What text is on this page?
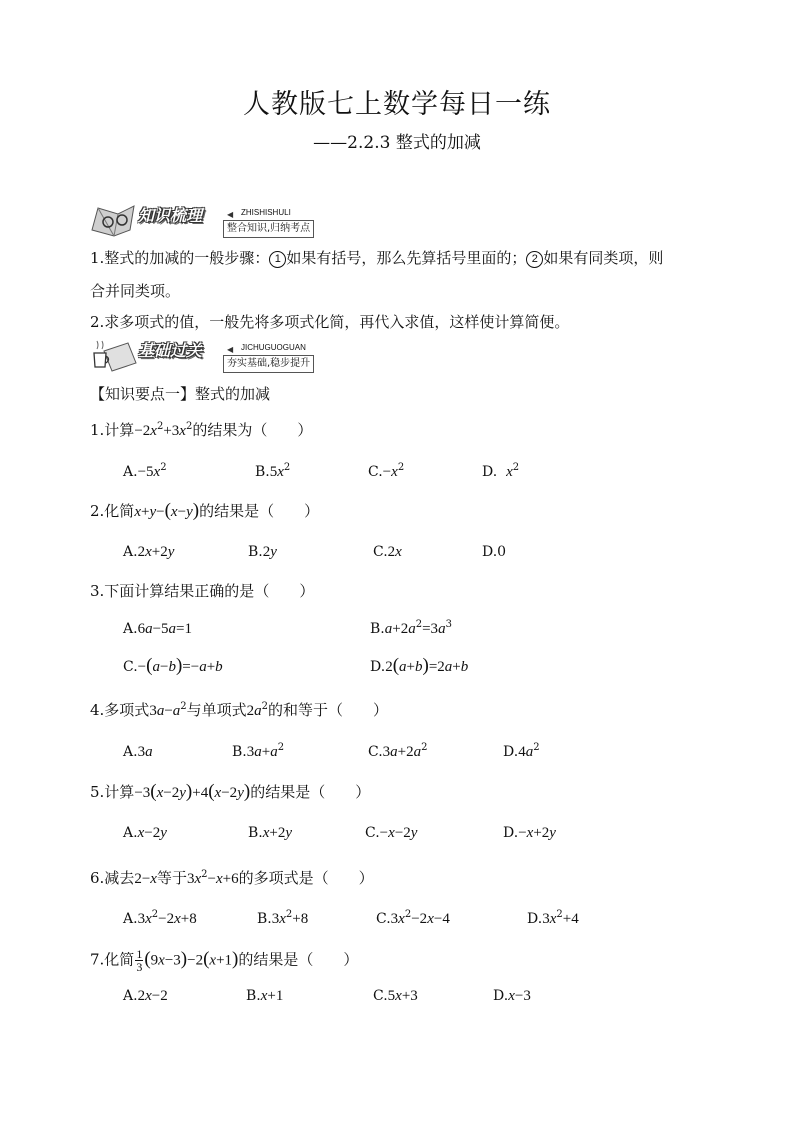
人教版七上数学每日一练
——2.2.3 整式的加减
知识梳理	◀ ZHISHISHULI
整合知识,归纳考点
1.整式的加减的一般步骤： 1 如果有括号，那么先算括号里面的； 2 如果有同类项，则
合并同类项。
2.求多项式的值，一般先将多项式化简，再代入求值，这样使计算简便。
基础过关	◀ JICHUGUOGUAN
夯实基础,稳步提升
【知识要点一】整式的加减
1.计算$-2x^2+3x^2$的结果为（　　）
$A.-5x^2$	$B.5x^2$	$C.-x^2$	D. $x^2$
2.化简x+y−(x−y)的结果是（　　）
A.2x+2y	B.2y	C.2x	D.0
3.下面计算结果正确的是（　　）
A.6a−5a=1	$B.a+2a^2=3a^3$
C.−(a−b)=−a+b	D.2(a+b)=2a+b
4.多项式$3a-a^2$与单项式$2a^2$的和等于（　　）
A.3a	$B.3a+a^2$	$C.3a+2a^2$	$D.4a^2$
5.计算−3(x−2y)+4(x−2y)的结果是（　　）
A.x−2y	B.x+2y	C.−x−2y	D.−x+2y
6.减去2−x等于$3x^2-x+6$的多项式是（　　）
$A.3x^2-2x+8$	$B.3x^2+8$	$C.3x^2-2x-4$	$D.3x^2+4$
7.化简 $\frac{1}{3} (9x-3)-2(x+1)$的结果是（　　）
A.2x−2	B.x+1	C.5x+3	D.x−3
